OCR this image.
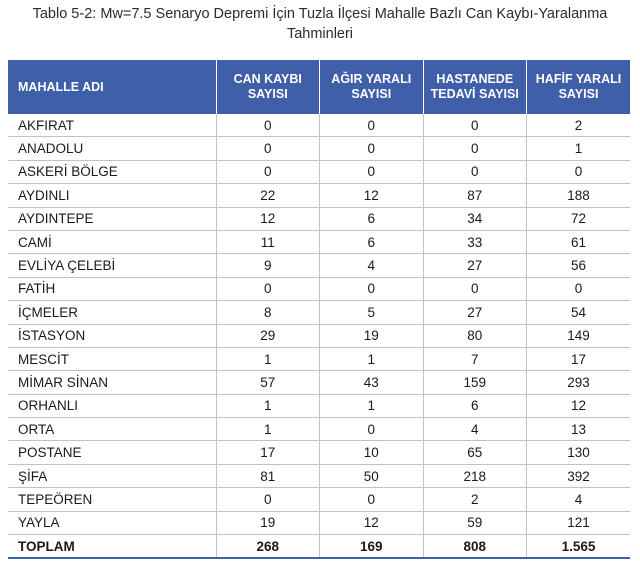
Tablo 5-2: Mw=7.5 Senaryo Depremi İçin Tuzla İlçesi Mahalle Bazlı Can Kaybı-Yaralanma
Tahminleri
MAHALLE ADI	CAN KAYBI SAYISI	AĞIR YARALI SAYISI	HASTANEDE TEDAVİ SAYISI	HAFİF YARALI SAYISI
AKFIRAT	0	0	0	2
ANADOLU	0	0	0	1
ASKERİ BÖLGE	0	0	0	0
AYDINLI	22	12	87	188
AYDINTEPE	12	6	34	72
CAMİ	11	6	33	61
EVLİYA ÇELEBİ	9	4	27	56
FATİH	0	0	0	0
İÇMELER	8	5	27	54
İSTASYON	29	19	80	149
MESCİT	1	1	7	17
MİMAR SİNAN	57	43	159	293
ORHANLI	1	1	6	12
ORTA	1	0	4	13
POSTANE	17	10	65	130
ŞİFA	81	50	218	392
TEPEÖREN	0	0	2	4
YAYLA	19	12	59	121
TOPLAM	268	169	808	1.565
